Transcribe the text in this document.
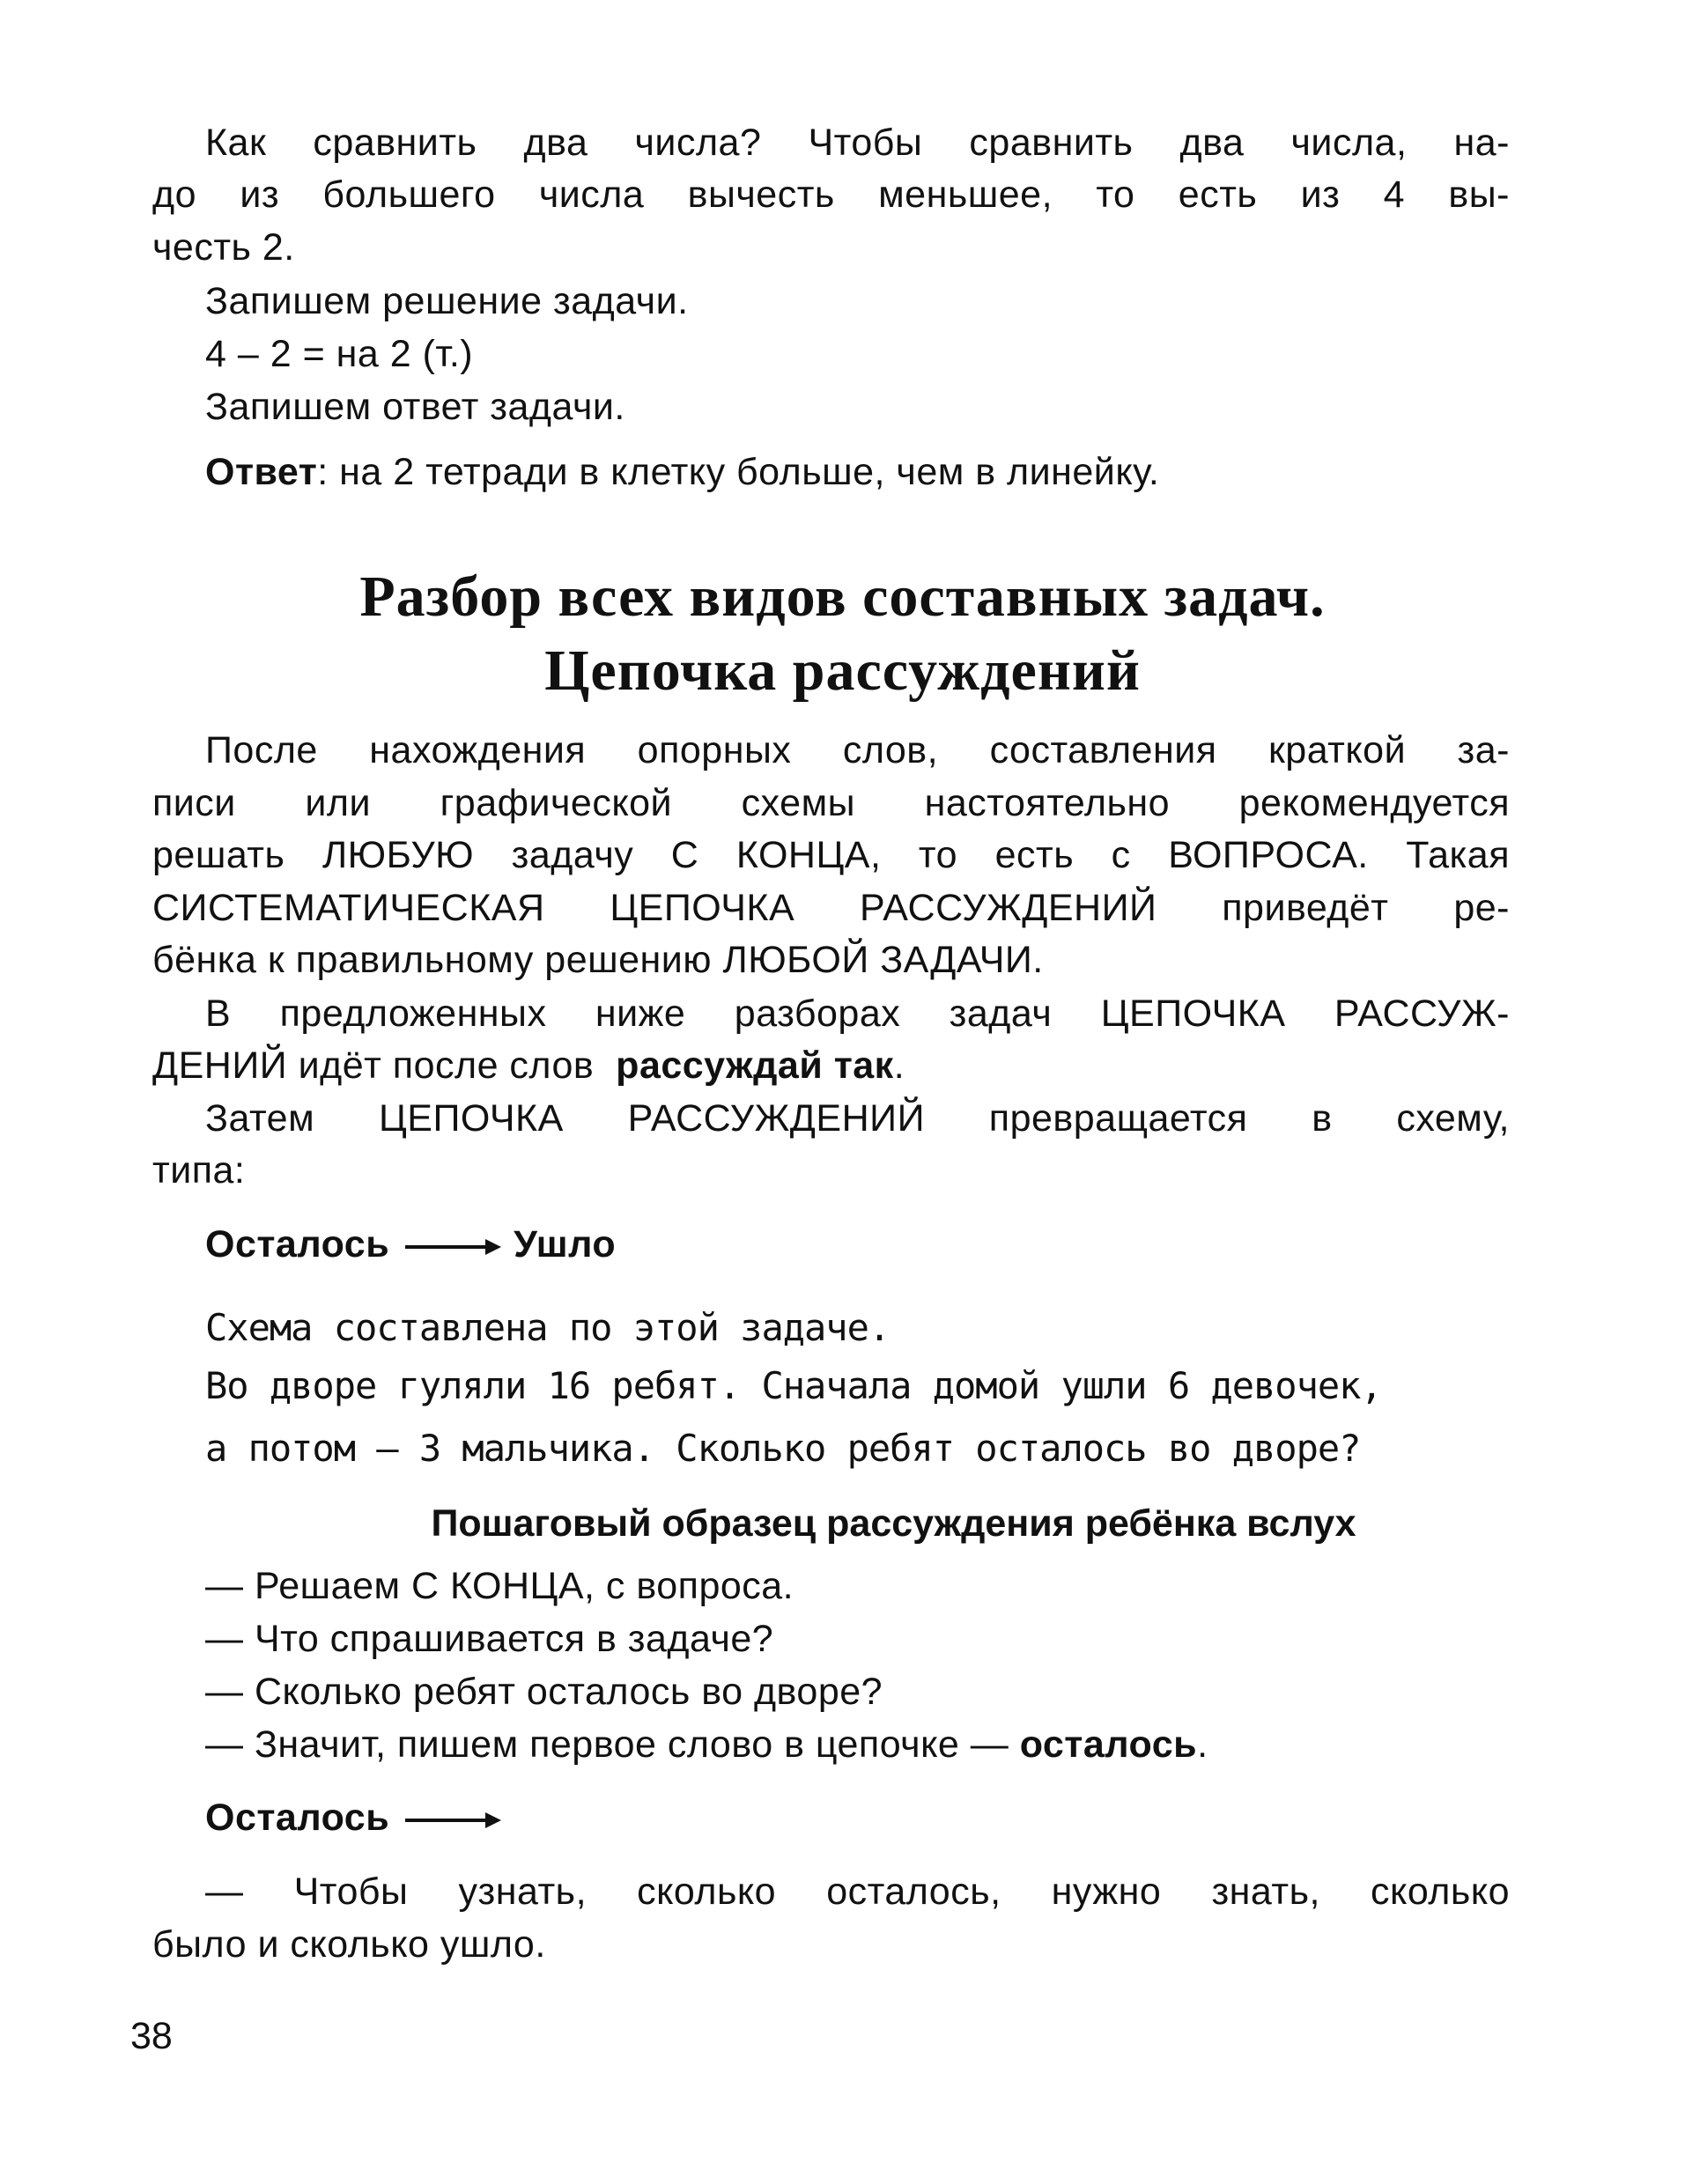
Как сравнить два числа? Чтобы сравнить два числа, на-
до из большего числа вычесть меньшее, то есть из 4 вы-
честь 2.
Запишем решение задачи.
4 – 2 = на 2 (т.)
Запишем ответ задачи.
Ответ: на 2 тетради в клетку больше, чем в линейку.
Разбор всех видов составных задач.
Цепочка рассуждений
После нахождения опорных слов, составления краткой за-
писи или графической схемы настоятельно рекомендуется
решать ЛЮБУЮ задачу С КОНЦА, то есть с ВОПРОСА. Такая
СИСТЕМАТИЧЕСКАЯ ЦЕПОЧКА РАССУЖДЕНИЙ приведёт ре-
бёнка к правильному решению ЛЮБОЙ ЗАДАЧИ.
В предложенных ниже разборах задач ЦЕПОЧКА РАССУЖ-
ДЕНИЙ идёт после слов  рассуждай так.
Затем ЦЕПОЧКА РАССУЖДЕНИЙ превращается в схему,
типа:
Осталось	Ушло
Схема составлена по этой задаче.
Во дворе гуляли 16 ребят. Сначала домой ушли 6 девочек,
а потом — 3 мальчика. Сколько ребят осталось во дворе?
Пошаговый образец рассуждения ребёнка вслух
— Решаем С КОНЦА, с вопроса.
— Что спрашивается в задаче?
— Сколько ребят осталось во дворе?
— Значит, пишем первое слово в цепочке — осталось.
Осталось
— Чтобы узнать, сколько осталось, нужно знать, сколько
было и сколько ушло.
38
